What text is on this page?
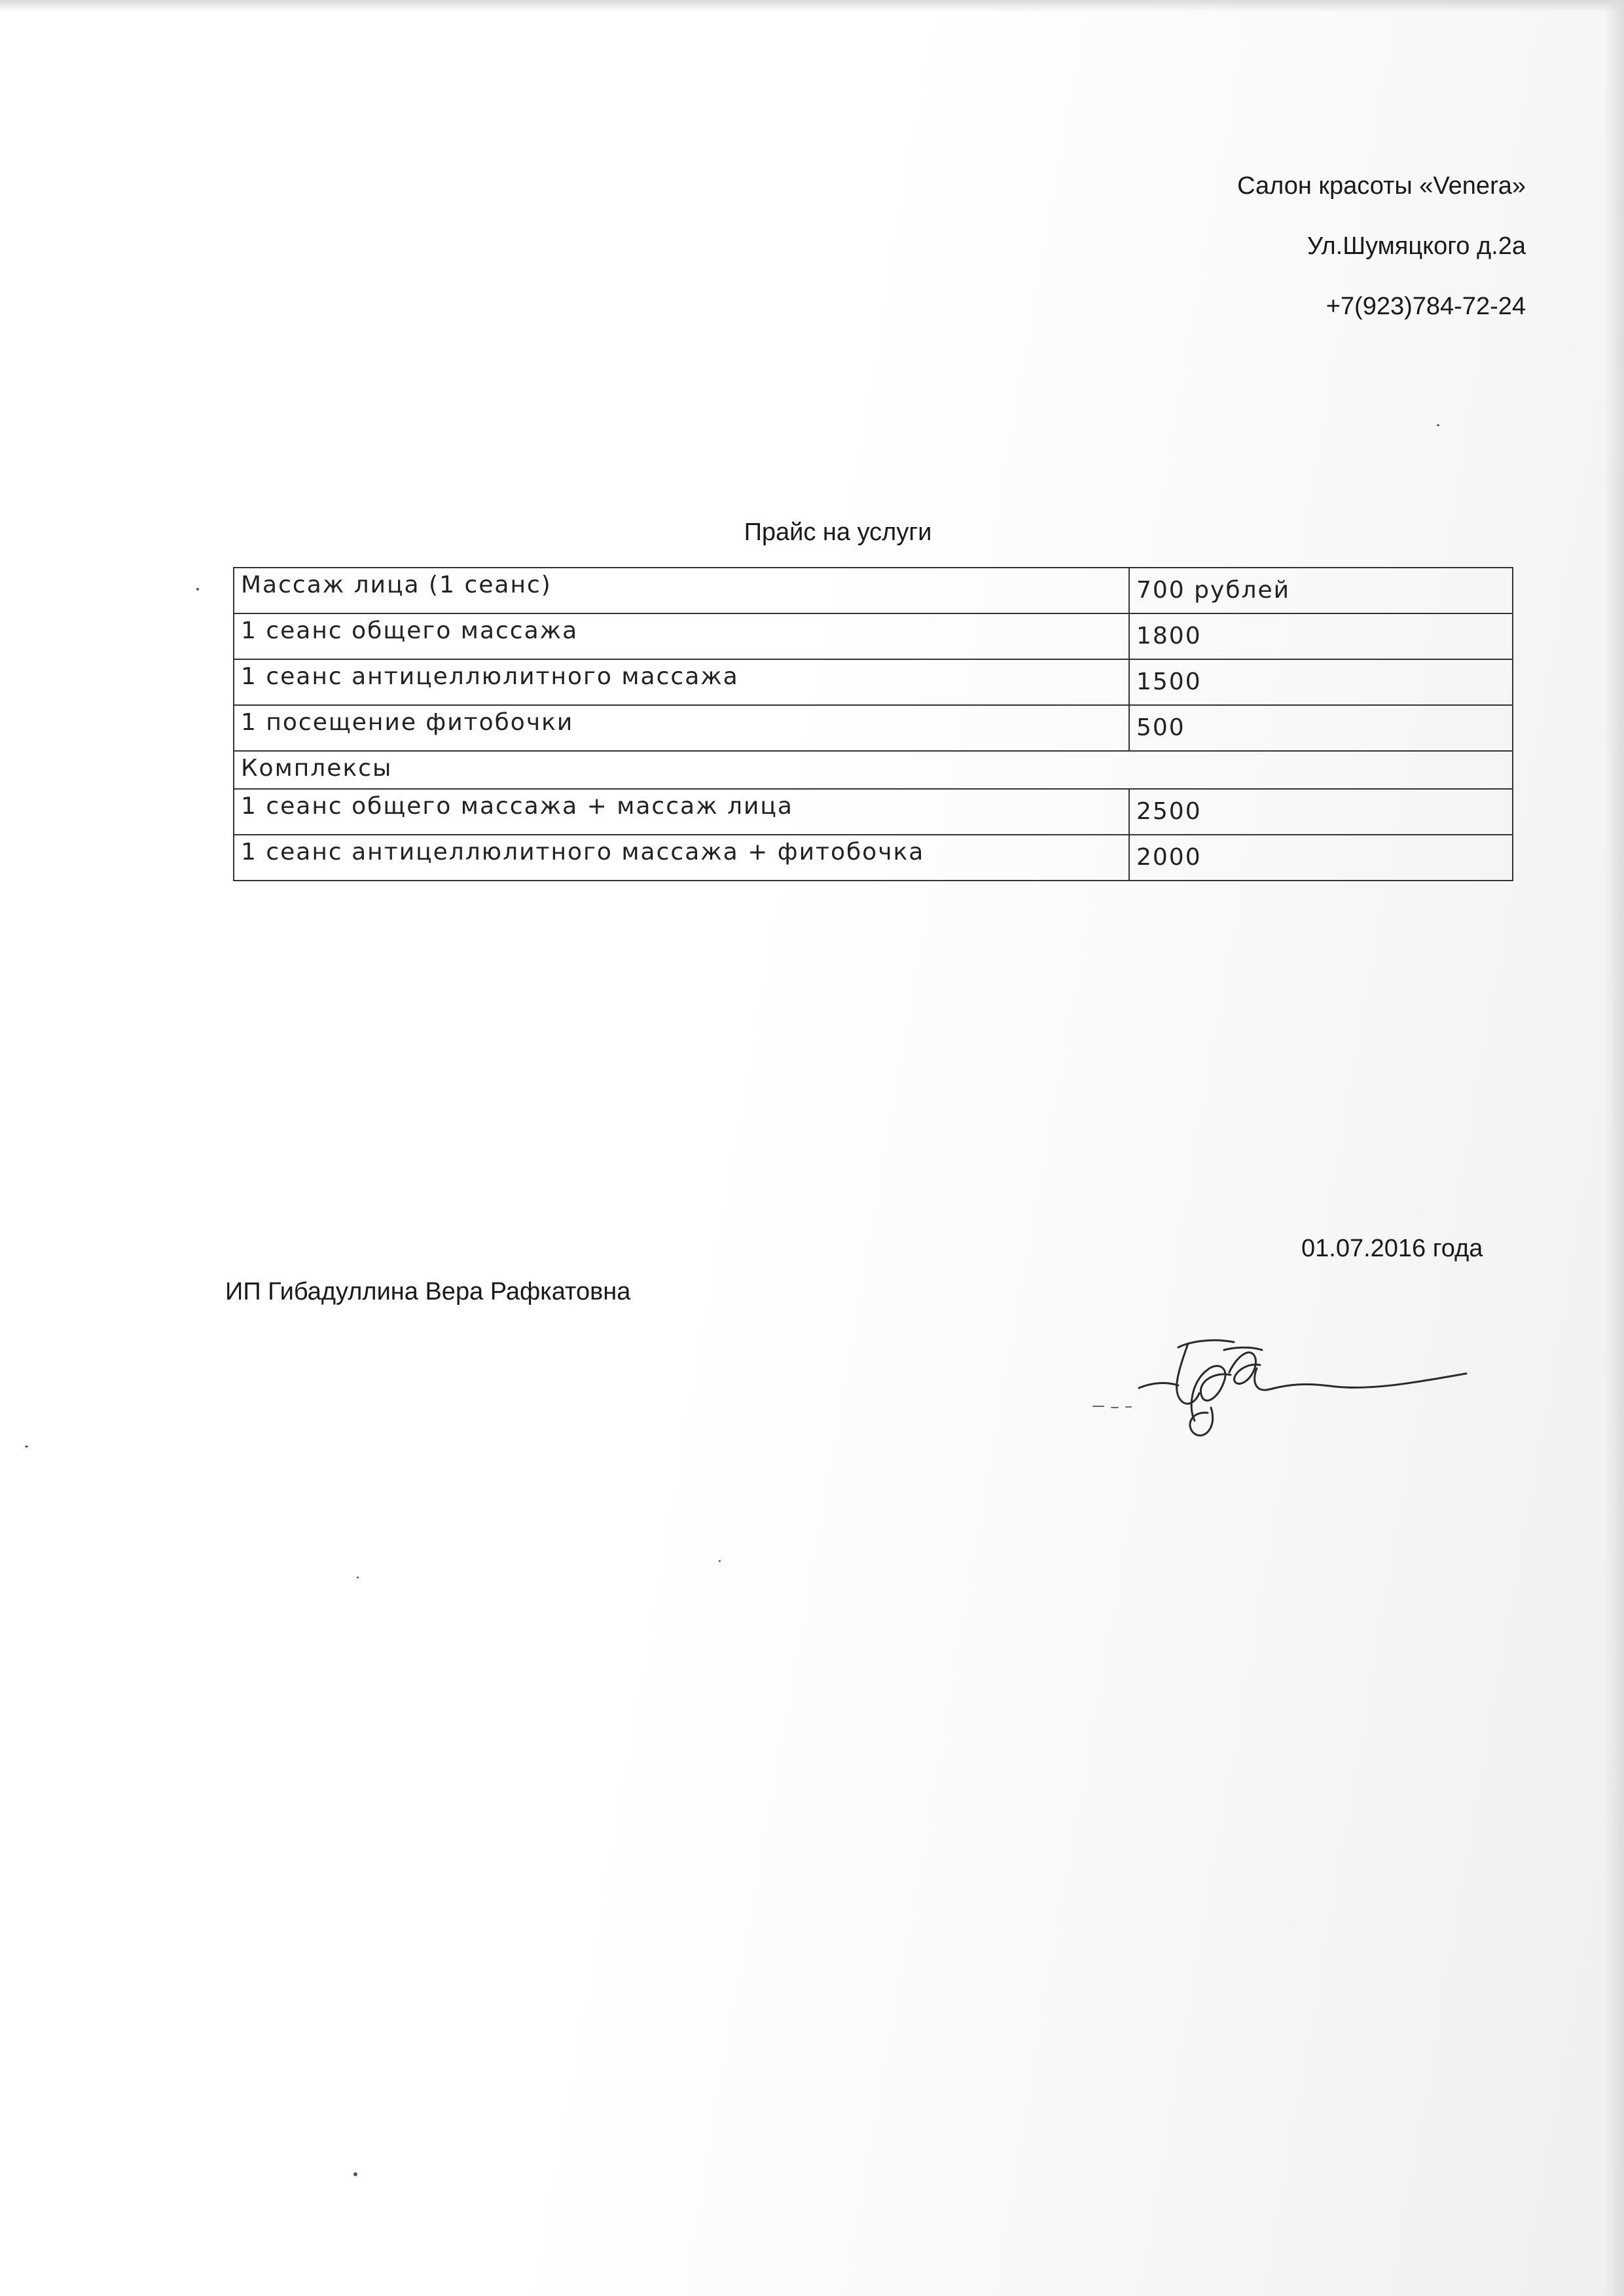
Салон красоты «Venera»
Ул.Шумяцкого д.2а
+7(923)784-72-24
Прайс на услуги
Массаж лица (1 сеанс)	700 рублей
1 сеанс общего массажа	1800
1 сеанс антицеллюлитного массажа	1500
1 посещение фитобочки	500
Комплексы	
1 сеанс общего массажа + массаж лица	2500
1 сеанс антицеллюлитного массажа + фитобочка	2000
01.07.2016 года
ИП Гибадуллина Вера Рафкатовна
